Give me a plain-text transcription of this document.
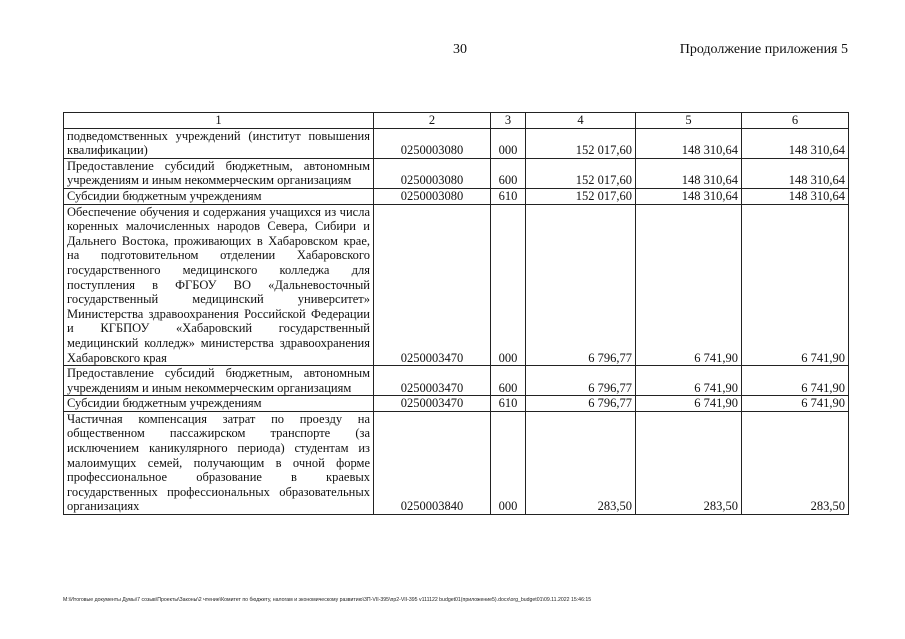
30	Продолжение приложения 5
1	2	3	4	5	6
подведомственных учреждений (институт повышения квалификации)	0250003080	000	152 017,60	148 310,64	148 310,64
Предоставление субсидий бюджетным, автономным учреждениям и иным некоммерческим организациям	0250003080	600	152 017,60	148 310,64	148 310,64
Субсидии бюджетным учреждениям	0250003080	610	152 017,60	148 310,64	148 310,64
Обеспечение обучения и содержания учащихся из числа коренных малочисленных народов Севера, Сибири и Дальнего Востока, проживающих в Хабаровском крае, на подготовительном отделении Хабаровского государственного медицинского колледжа для поступления в ФГБОУ ВО «Дальневосточный государственный медицинский университет» Министерства здравоохранения Российской Федерации и КГБПОУ «Хабаровский государственный медицинский колледж» министерства здравоохранения Хабаровского края	0250003470	000	6 796,77	6 741,90	6 741,90
Предоставление субсидий бюджетным, автономным учреждениям и иным некоммерческим организациям	0250003470	600	6 796,77	6 741,90	6 741,90
Субсидии бюджетным учреждениям	0250003470	610	6 796,77	6 741,90	6 741,90
Частичная компенсация затрат по проезду на общественном пассажирском транспорте (за исключением каникулярного периода) студентам из малоимущих семей, получающим в очной форме профессиональное образование в краевых государственных профессиональных образовательных организациях	0250003840	000	283,50	283,50	283,50
M:\Итоговые документы Думы\7 созыв\Проекты\Законы\2 чтение\Комитет по бюджету, налогам и экономическому развитию\3П-VII-395\пр2-VII-395 v111122 budget01(приложение5).docx\org_budget01\09.11.2022 15:46:15
